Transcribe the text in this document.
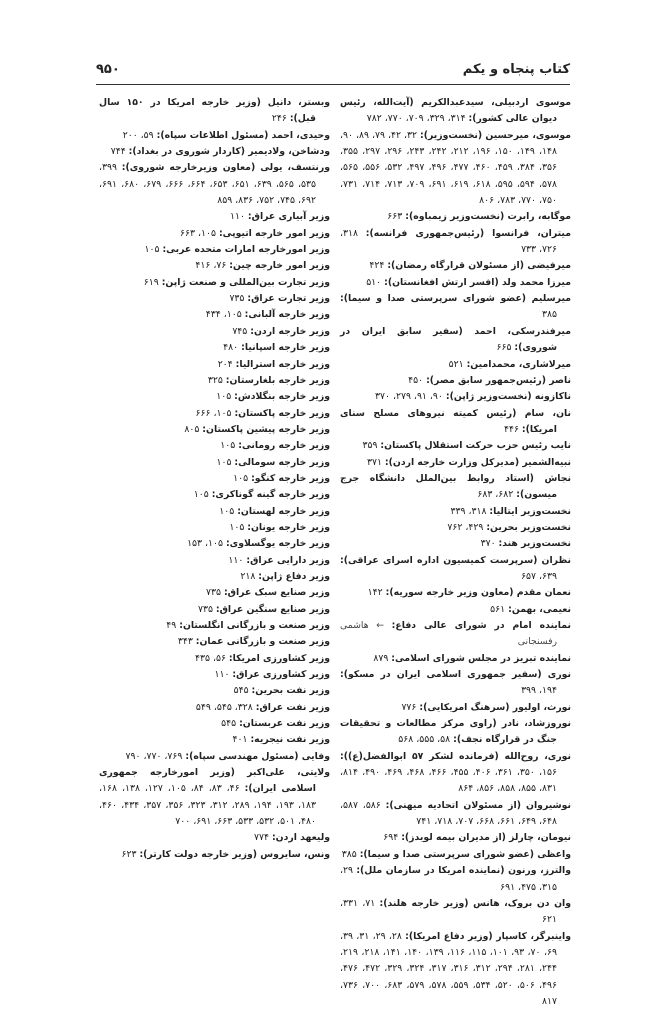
کتاب پنجاه و یکم
۹۵۰

موسوی اردبیلی، سیدعبدالکریم (آیت‌الله، رئیس دیوان عالی کشور): ۳۱۴، ۳۲۹، ۷۰۹، ۷۷۰، ۷۸۲

موسوی، میرحسین (نخست‌وزیر): ۳۲، ۴۲، ۷۹، ۸۹، ۹۰، ۱۴۸، ۱۴۹، ۱۵۰، ۱۹۶، ۲۱۲، ۲۴۲، ۲۴۳، ۲۹۶، ۲۹۷، ۳۵۵، ۳۵۶، ۳۸۴، ۴۵۹، ۴۶۰، ۴۷۷، ۴۹۶، ۴۹۷، ۵۳۲، ۵۵۶، ۵۶۵، ۵۷۸، ۵۹۴، ۵۹۵، ۶۱۸، ۶۱۹، ۶۹۱، ۷۰۹، ۷۱۳، ۷۱۴، ۷۳۱، ۷۵۰، ۷۷۰، ۷۸۳، ۸۰۶

موگابه، رابرت (نخست‌وزیر زیمباوه): ۶۶۳

میتران، فرانسوا (رئیس‌جمهوری فرانسه): ۳۱۸، ۷۲۶، ۷۳۳

میرفیضی (از مسئولان قرارگاه رمضان): ۴۲۴

میرزا محمد ولد (افسر ارتش افغانستان): ۵۱۰

میرسلیم (عضو شورای سرپرستی صدا و سیما): ۳۸۵

میرفندرسکی، احمد (سفیر سابق ایران در شوروی): ۶۶۵

میرلاشاری، محمدامین: ۵۲۱

ناصر (رئیس‌جمهور سابق مصر): ۴۵۰

ناکازونه (نخست‌وزیر ژاپن): ۹۰، ۹۱، ۲۷۹، ۳۷۰

نان، سام (رئیس کمیته نیروهای مسلح سنای امریکا): ۴۴۶

نایب رئیس حزب حرکت استقلال پاکستان: ۳۵۹

نبیه‌الشمیر (مدیرکل وزارت خارجه اردن): ۳۷۱

نجاش (استاد روابط بین‌الملل دانشگاه جرج میسون): ۶۸۲، ۶۸۳

نخست‌وزیر ایتالیا: ۳۱۸، ۳۳۹

نخست‌وزیر بحرین: ۴۲۹، ۷۶۲

نخست‌وزیر هند: ۳۷۰

نظران (سرپرست کمیسیون اداره اسرای عراقی): ۶۳۹، ۶۵۷

نعمان مقدم (معاون وزیر خارجه سوریه): ۱۴۲

نعیمی، بهمن: ۵۶۱

نماینده امام در شورای عالی دفاع: ← هاشمی رفسنجانی

نماینده تبریز در مجلس شورای اسلامی: ۸۷۹

نوری (سفیر جمهوری اسلامی ایران در مسکو): ۱۹۴، ۳۹۹

نورث، اولیور (سرهنگ امریکایی): ۷۷۶

نوروزشاد، نادر (راوی مرکز مطالعات و تحقیقات جنگ در قرارگاه نجف): ۵۸، ۵۵۵، ۵۶۸

نوری، روح‌الله (فرمانده لشکر ۵۷ ابوالفضل(ع)): ۱۵۶، ۳۵۰، ۳۶۱، ۴۰۶، ۴۵۵، ۴۶۶، ۴۶۸، ۴۶۹، ۴۹۰، ۸۱۴، ۸۳۱، ۸۵۵، ۸۵۸، ۸۵۶، ۸۶۴

نوشیروان (از مسئولان اتحادیه میهنی): ۵۸۶، ۵۸۷، ۶۴۸، ۶۴۹، ۶۶۱، ۶۶۸، ۷۰۷، ۷۱۸، ۷۴۱

نیومان، چارلز (از مدیران بیمه لویدز): ۶۹۴

واعظی (عضو شورای سرپرستی صدا و سیما): ۳۸۵

والترز، ورنون (نماینده امریکا در سازمان ملل): ۲۹، ۳۱۵، ۴۷۵، ۶۹۱

وان دن بروک، هانس (وزیر خارجه هلند): ۷۱، ۳۳۱، ۶۲۱

واینبرگر، کاسپار (وزیر دفاع امریکا): ۲۸، ۲۹، ۳۱، ۳۹، ۶۹، ۷۰، ۹۳، ۱۰۱، ۱۱۵، ۱۱۶، ۱۳۹، ۱۴۰، ۱۴۱، ۲۱۸، ۲۱۹، ۲۴۴، ۲۸۱، ۲۹۴، ۳۱۲، ۳۱۶، ۳۱۷، ۳۲۴، ۳۲۹، ۴۷۲، ۴۷۶، ۴۹۶، ۵۰۶، ۵۲۰، ۵۳۴، ۵۵۹، ۵۷۸، ۵۷۹، ۶۸۳، ۷۰۰، ۷۳۶، ۸۱۷

وبستر، دانیل (وزیر خارجه امریکا در ۱۵۰ سال قبل): ۲۴۶

وحیدی، احمد (مسئول اطلاعات سپاه): ۵۹، ۲۰۰

ودشاخن، ولادیمیر (کاردار شوروی در بغداد): ۷۴۴

ورنتسف، یولی (معاون وزیرخارجه شوروی): ۳۹۹، ۵۳۵، ۵۶۵، ۶۳۹، ۶۵۱، ۶۵۳، ۶۶۴، ۶۶۶، ۶۷۹، ۶۸۰، ۶۹۱، ۶۹۲، ۷۴۵، ۷۵۲، ۸۳۶، ۸۵۹

وزیر آبیاری عراق: ۱۱۰

وزیر امور خارجه اتیوپی: ۱۰۵، ۶۶۳

وزیر امورخارجه امارات متحده عربی: ۱۰۵

وزیر امور خارجه چین: ۷۶، ۴۱۶

وزیر تجارت بین‌المللی و صنعت ژاپن: ۶۱۹

وزیر تجارت عراق: ۷۳۵

وزیر خارجه آلبانی: ۱۰۵، ۴۳۴

وزیر خارجه اردن: ۷۴۵

وزیر خارجه اسپانیا: ۴۸۰

وزیر خارجه استرالیا: ۲۰۴

وزیر خارجه بلغارستان: ۳۲۵

وزیر خارجه بنگلادش: ۱۰۵

وزیر خارجه پاکستان: ۱۰۵، ۶۶۶

وزیر خارجه پیشین پاکستان: ۸۰۵

وزیر خارجه رومانی: ۱۰۵

وزیر خارجه سومالی: ۱۰۵

وزیر خارجه کنگو: ۱۰۵

وزیر خارجه گینه گوناکری: ۱۰۵

وزیر خارجه لهستان: ۱۰۵

وزیر خارجه یونان: ۱۰۵

وزیر خارجه یوگسلاوی: ۱۰۵، ۱۵۳

وزیر دارایی عراق: ۱۱۰

وزیر دفاع ژاپن: ۲۱۸

وزیر صنایع سبک عراق: ۷۳۵

وزیر صنایع سنگین عراق: ۷۳۵

وزیر صنعت و بازرگانی انگلستان: ۴۹

وزیر صنعت و بازرگانی عمان: ۳۴۳

وزیر کشاورزی امریکا: ۵۶، ۴۳۵

وزیر کشاورزی عراق: ۱۱۰

وزیر نفت بحرین: ۵۴۵

وزیر نفت عراق: ۳۲۸، ۵۴۵، ۵۴۹

وزیر نفت عربستان: ۵۴۵

وزیر نفت نیجریه: ۴۰۱

وفایی (مسئول مهندسی سپاه): ۷۶۹، ۷۷۰، ۷۹۰

ولایتی، علی‌اکبر (وزیر امورخارجه جمهوری اسلامی ایران): ۴۶، ۸۳، ۸۴، ۱۰۵، ۱۲۷، ۱۳۸، ۱۶۸، ۱۸۳، ۱۹۳، ۱۹۴، ۲۸۹، ۳۱۲، ۳۲۳، ۳۵۶، ۳۵۷، ۴۳۴، ۴۶۰، ۴۸۰، ۵۰۱، ۵۳۲، ۵۳۳، ۶۶۳، ۶۹۱، ۷۰۰

ولیعهد اردن: ۷۷۴

ونس، سایروس (وزیر خارجه دولت کارتر): ۶۲۳
